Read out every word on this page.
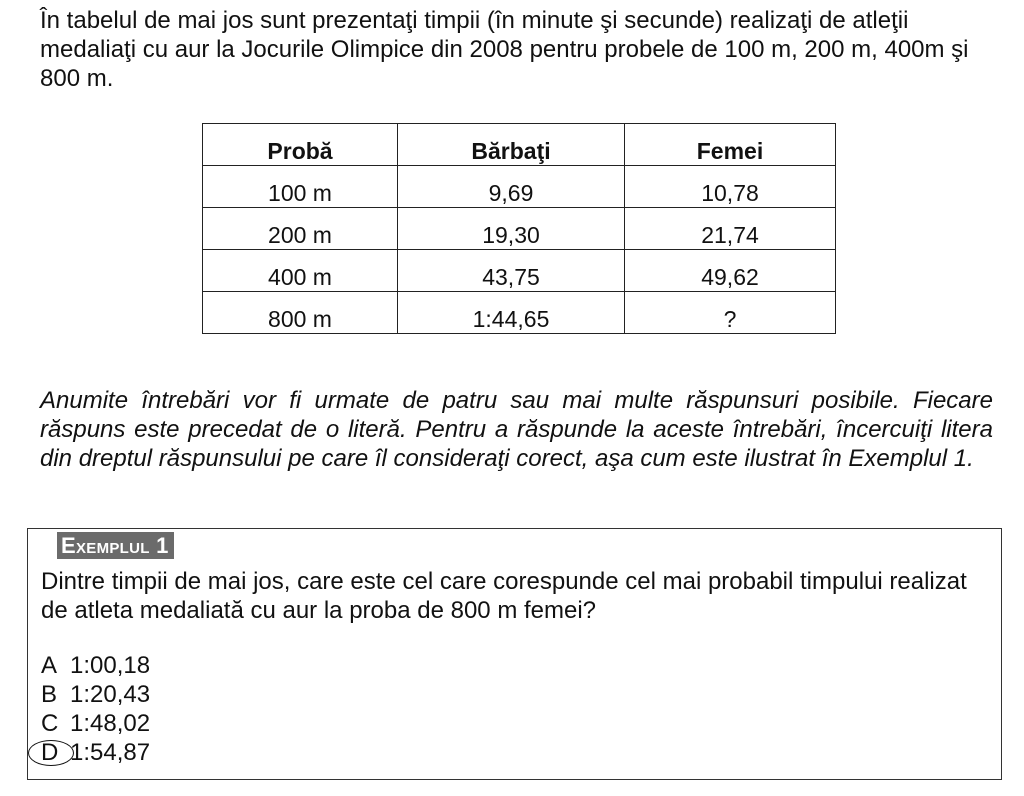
În tabelul de mai jos sunt prezentaţi timpii (în minute şi secunde) realizaţi de atleţii medaliaţi cu aur la Jocurile Olimpice din 2008 pentru probele de 100 m, 200 m, 400m şi 800 m.

Probă	Bărbaţi	Femei
100 m	9,69	10,78
200 m	19,30	21,74
400 m	43,75	49,62
800 m	1:44,65	?

Anumite întrebări vor fi urmate de patru sau mai multe răspunsuri posibile. Fiecare răspuns este precedat de o literă. Pentru a răspunde la aceste întrebări, încercuiţi litera din dreptul răspunsului pe care îl consideraţi corect, aşa cum este ilustrat în Exemplul 1.

Exemplul 1

Dintre timpii de mai jos, care este cel care corespunde cel mai probabil timpului realizat de atleta medaliată cu aur la proba de 800 m femei?

A 1:00,18
B 1:20,43
C 1:48,02
D 1:54,87
